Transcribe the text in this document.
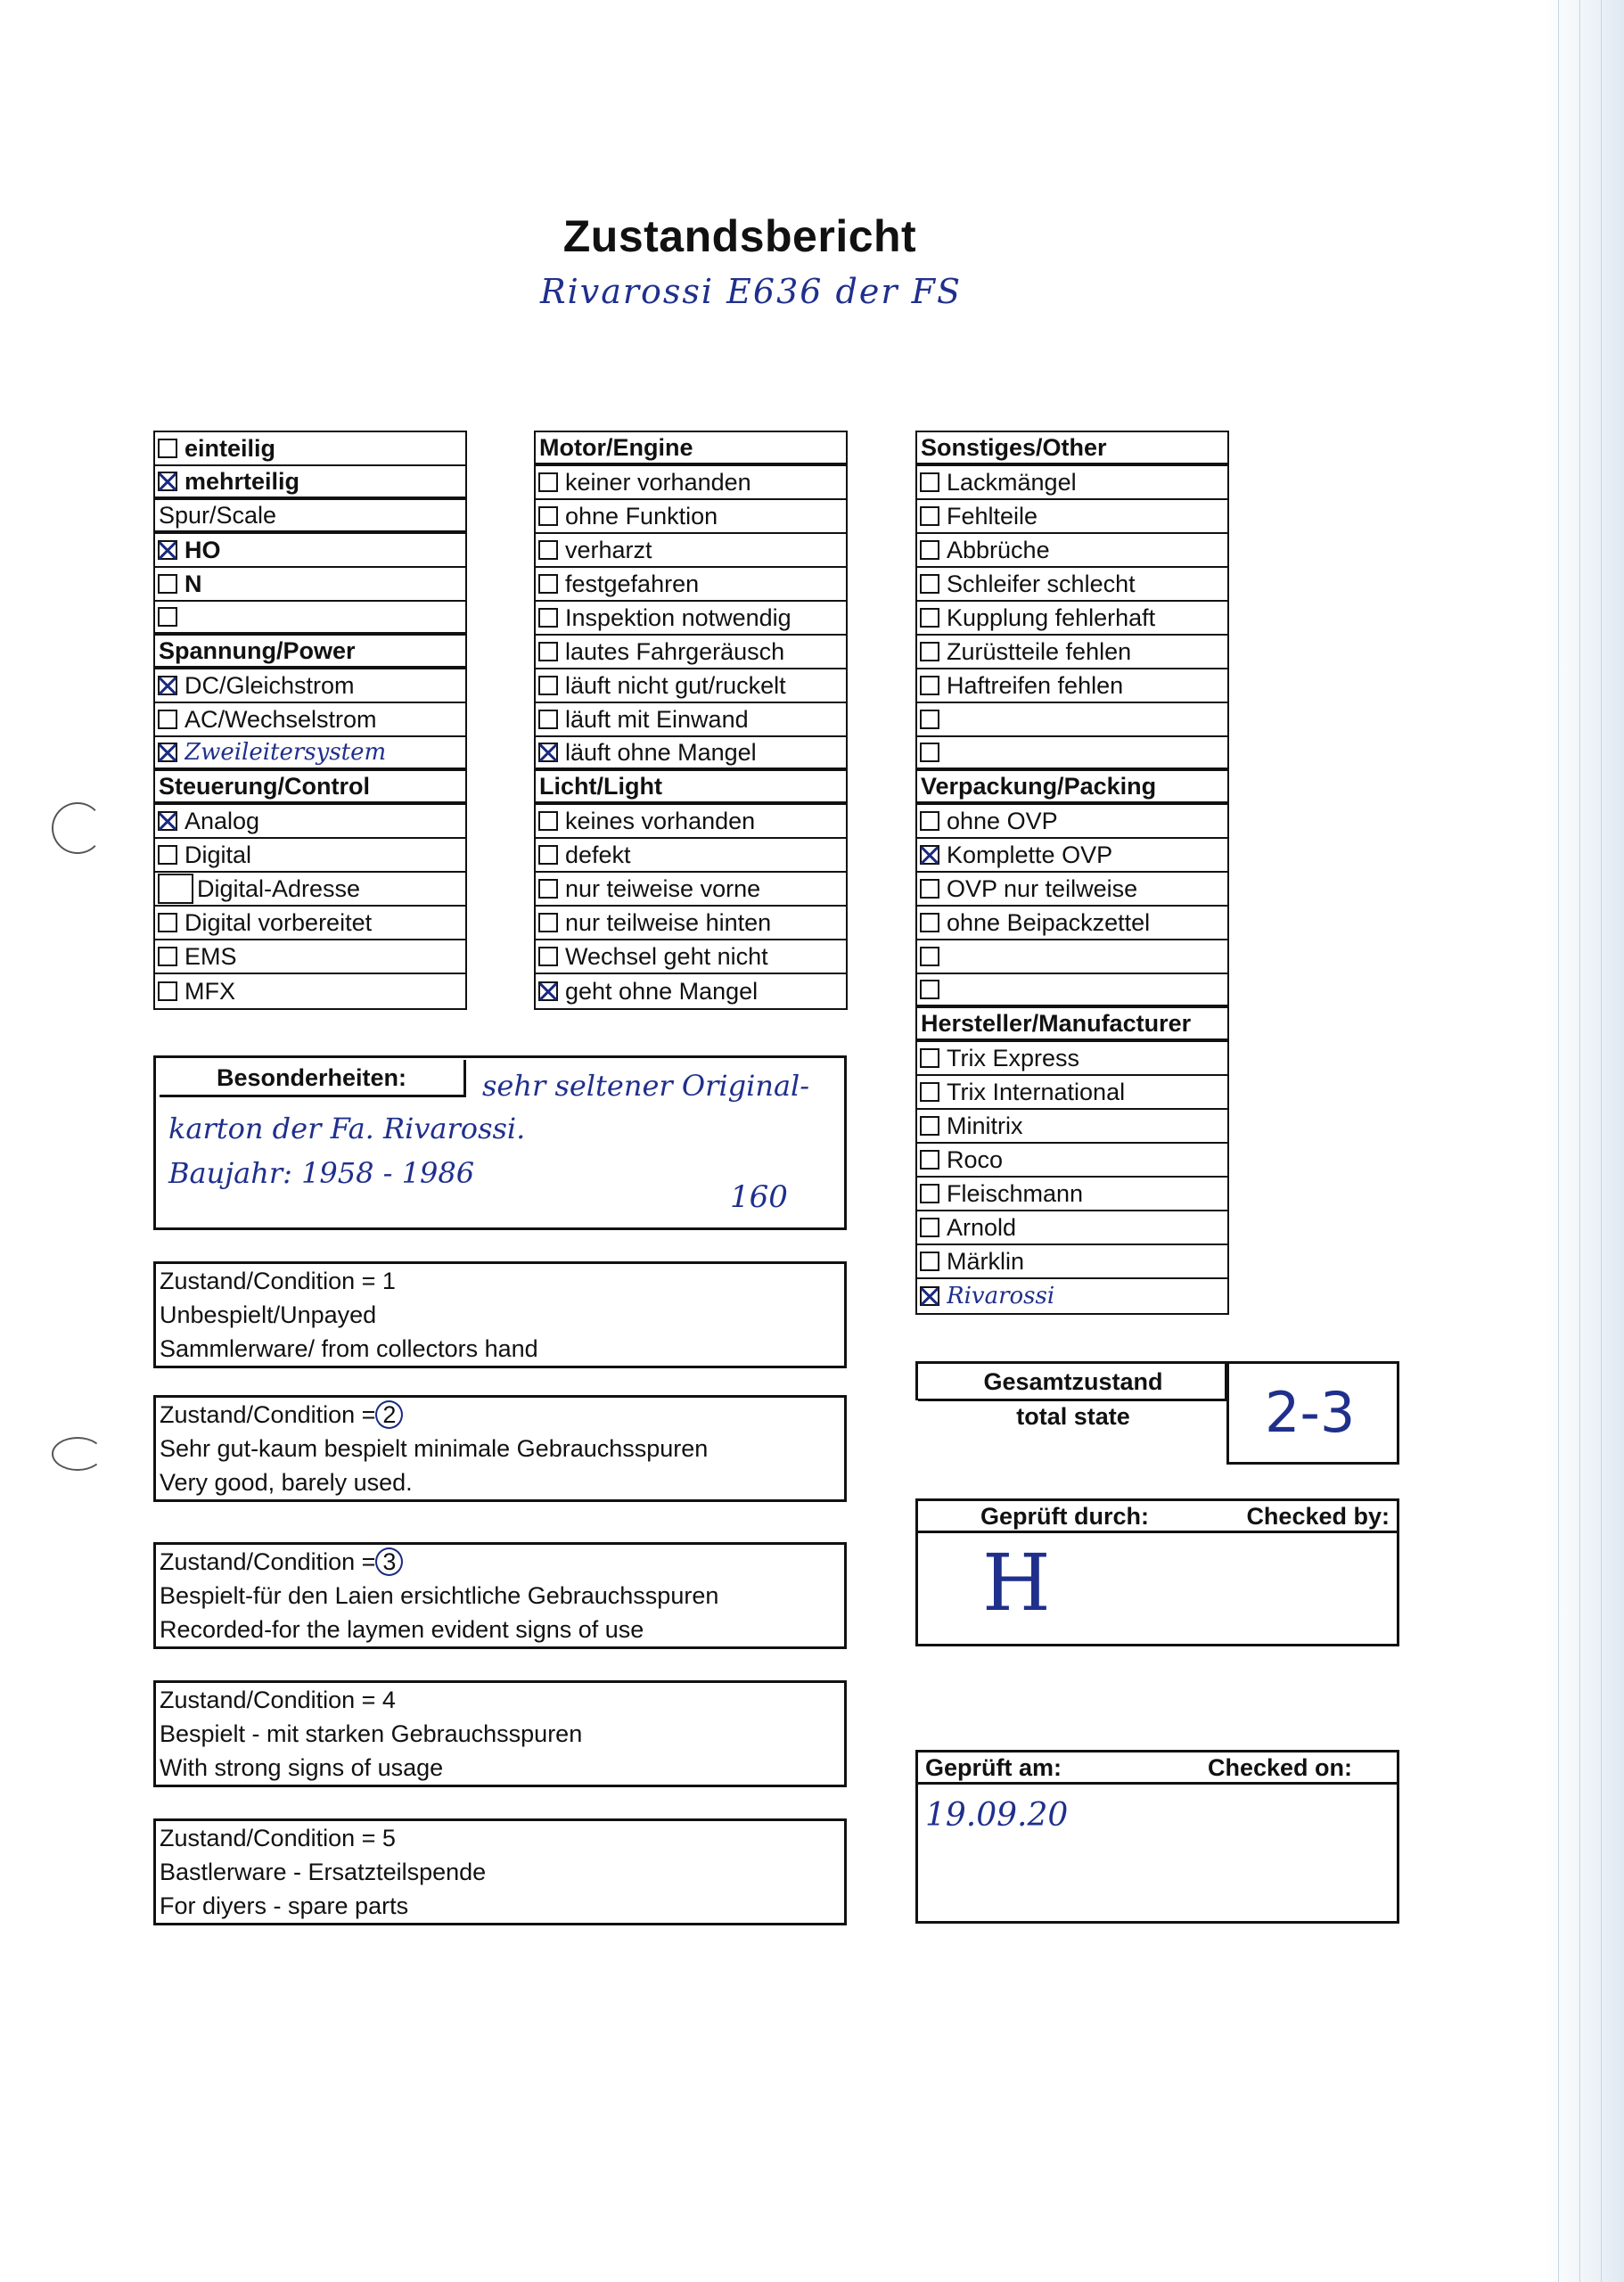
Zustandsbericht
Rivarossi E636 der FS
einteilig
mehrteilig
Spur/Scale
HO
N
Spannung/Power
DC/Gleichstrom
AC/Wechselstrom
Zweileitersystem
Steuerung/Control
Analog
Digital
Digital-Adresse
Digital vorbereitet
EMS
MFX
Motor/Engine
keiner vorhanden
ohne Funktion
verharzt
festgefahren
Inspektion notwendig
lautes Fahrgeräusch
läuft nicht gut/ruckelt
läuft mit Einwand
läuft ohne Mangel
Licht/Light
keines vorhanden
defekt
nur teiweise vorne
nur teilweise hinten
Wechsel geht nicht
geht ohne Mangel
Sonstiges/Other
Lackmängel
Fehlteile
Abbrüche
Schleifer schlecht
Kupplung fehlerhaft
Zurüstteile fehlen
Haftreifen fehlen
Verpackung/Packing
ohne OVP
Komplette OVP
OVP nur teilweise
ohne Beipackzettel
Hersteller/Manufacturer
Trix Express
Trix International
Minitrix
Roco
Fleischmann
Arnold
Märklin
Rivarossi
Besonderheiten:	sehr seltener Original-
karton der Fa. Rivarossi.
Baujahr: 1958 - 1986
160
Zustand/Condition = 1
Unbespielt/Unpayed
Sammlerware/ from collectors hand
Zustand/Condition = 2
Sehr gut-kaum bespielt minimale Gebrauchsspuren
Very good, barely used.
Zustand/Condition = 3
Bespielt-für den Laien ersichtliche Gebrauchsspuren
Recorded-for the laymen evident signs of use
Zustand/Condition = 4
Bespielt - mit starken Gebrauchsspuren
With strong signs of usage
Zustand/Condition = 5
Bastlerware - Ersatzteilspende
For diyers - spare parts
Gesamtzustand
total state	2-3
Geprüft durch:	Checked by:
H
Geprüft am:	Checked on:
19.09.20
